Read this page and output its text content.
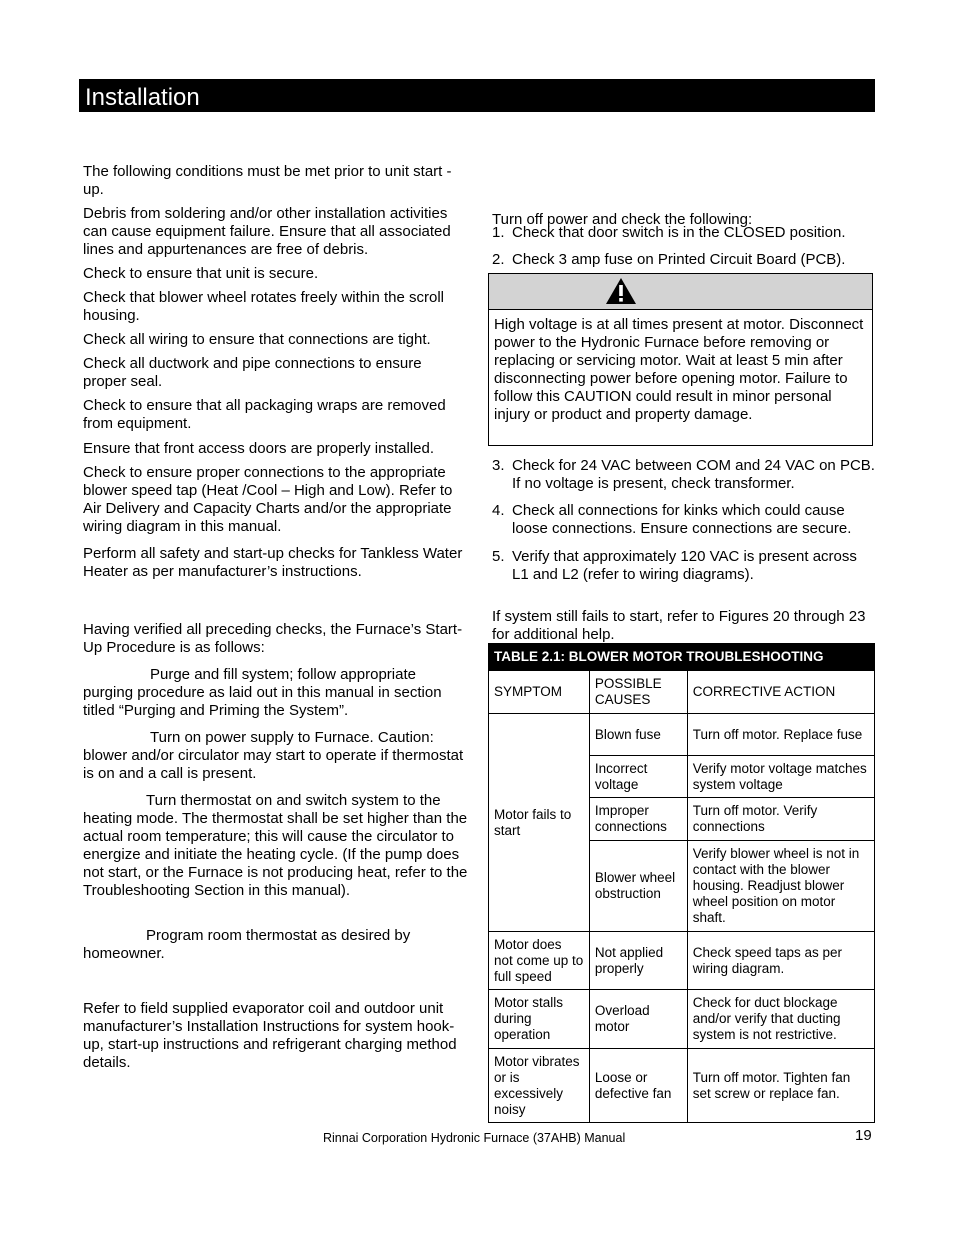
Installation

The following conditions must be met prior to unit start -up.

Debris from soldering and/or other installation activities can cause equipment failure. Ensure that all associated lines and appurtenances are free of debris.

Check to ensure that unit is secure.

Check that blower wheel rotates freely within the scroll housing.

Check all wiring to ensure that connections are tight.

Check all ductwork and pipe connections to ensure proper seal.

Check to ensure that all packaging wraps are removed from equipment.

Ensure that front access doors are properly installed.

Check to ensure proper connections to the appropriate blower speed tap (Heat /Cool – High and Low). Refer to Air Delivery and Capacity Charts and/or the appropriate wiring diagram in this manual.

Perform all safety and start-up checks for Tankless Water Heater as per manufacturer’s instructions.

Having verified all preceding checks, the Furnace’s Start-Up Procedure is as follows:

Purge and fill system; follow appropriate purging procedure as laid out in this manual in section titled “Purging and Priming the System”.

Turn on power supply to Furnace. Caution: blower and/or circulator may start to operate if thermostat is on and a call is present.

Turn thermostat on and switch system to the heating mode. The thermostat shall be set higher than the actual room temperature; this will cause the circulator to energize and initiate the heating cycle. (If the pump does not start, or the Furnace is not producing heat, refer to the Troubleshooting Section in this manual).

Program room thermostat as desired by homeowner.

Refer to field supplied evaporator coil and outdoor unit manufacturer’s Installation Instructions for system hook-up, start-up instructions and refrigerant charging method details.

Turn off power and check the following:

1. Check that door switch is in the CLOSED position.
2. Check 3 amp fuse on Printed Circuit Board (PCB).
High voltage is at all times present at motor. Disconnect power to the Hydronic Furnace before removing or replacing or servicing motor. Wait at least 5 min after disconnecting power before opening motor. Failure to follow this CAUTION could result in minor personal injury or product and property damage.
3. Check for 24 VAC between COM and 24 VAC on PCB. If no voltage is present, check transformer.
4. Check all connections for kinks which could cause loose connections. Ensure connections are secure.
5. Verify that approximately 120 VAC is present across L1 and L2 (refer to wiring diagrams).

If system still fails to start, refer to Figures 20 through 23 for additional help.

TABLE 2.1: BLOWER MOTOR TROUBLESHOOTING		
SYMPTOM	POSSIBLE CAUSES	CORRECTIVE ACTION
Motor fails to start	Blown fuse	Turn off motor. Replace fuse
	Incorrect voltage	Verify motor voltage matches system voltage
	Improper connections	Turn off motor. Verify connections
	Blower wheel obstruction	Verify blower wheel is not in contact with the blower housing. Readjust blower wheel position on motor shaft.
Motor does not come up to full speed	Not applied properly	Check speed taps as per wiring diagram.
Motor stalls during operation	Overload motor	Check for duct blockage and/or verify that ducting system is not restrictive.
Motor vibrates or is excessively noisy	Loose or defective fan	Turn off motor. Tighten fan set screw or replace fan.
Rinnai Corporation Hydronic Furnace (37AHB) Manual	19
